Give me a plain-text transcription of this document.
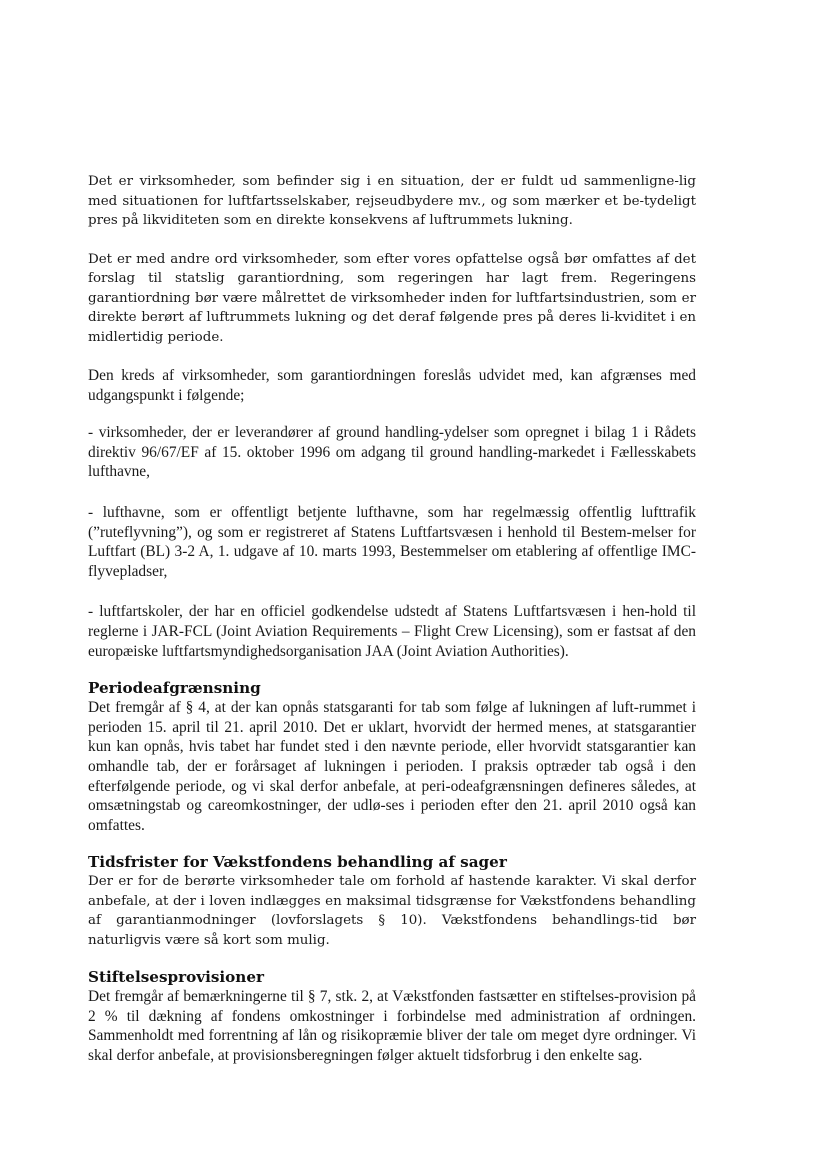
Det er virksomheder, som befinder sig i en situation, der er fuldt ud sammenligne-lig med situationen for luftfartsselskaber, rejseudbydere mv., og som mærker et be-tydeligt pres på likviditeten som en direkte konsekvens af luftrummets lukning.

Det er med andre ord virksomheder, som efter vores opfattelse også bør omfattes af det forslag til statslig garantiordning, som regeringen har lagt frem. Regeringens garantiordning bør være målrettet de virksomheder inden for luftfartsindustrien, som er direkte berørt af luftrummets lukning og det deraf følgende pres på deres li-kviditet i en midlertidig periode.

Den kreds af virksomheder, som garantiordningen foreslås udvidet med, kan afgrænses med udgangspunkt i følgende;

- virksomheder, der er leverandører af ground handling-ydelser som opregnet i bilag 1 i Rådets direktiv 96/67/EF af 15. oktober 1996 om adgang til ground handling-markedet i Fællesskabets lufthavne,

- lufthavne, som er offentligt betjente lufthavne, som har regelmæssig offentlig lufttrafik (”ruteflyvning”), og som er registreret af Statens Luftfartsvæsen i henhold til Bestem-melser for Luftfart (BL) 3-2 A, 1. udgave af 10. marts 1993, Bestemmelser om etablering af offentlige IMC-flyvepladser,

- luftfartskoler, der har en officiel godkendelse udstedt af Statens Luftfartsvæsen i hen-hold til reglerne i JAR-FCL (Joint Aviation Requirements – Flight Crew Licensing), som er fastsat af den europæiske luftfartsmyndighedsorganisation JAA (Joint Aviation Authorities).

Periodeafgrænsning

Det fremgår af § 4, at der kan opnås statsgaranti for tab som følge af lukningen af luft-rummet i perioden 15. april til 21. april 2010. Det er uklart, hvorvidt der hermed menes, at statsgarantier kun kan opnås, hvis tabet har fundet sted i den nævnte periode, eller hvorvidt statsgarantier kan omhandle tab, der er forårsaget af lukningen i perioden. I praksis optræder tab også i den efterfølgende periode, og vi skal derfor anbefale, at peri-odeafgrænsningen defineres således, at omsætningstab og careomkostninger, der udlø-ses i perioden efter den 21. april 2010 også kan omfattes.

Tidsfrister for Vækstfondens behandling af sager

Der er for de berørte virksomheder tale om forhold af hastende karakter. Vi skal derfor anbefale, at der i loven indlægges en maksimal tidsgrænse for Vækstfondens behandling af garantianmodninger (lovforslagets § 10). Vækstfondens behandlings-tid bør naturligvis være så kort som mulig.

Stiftelsesprovisioner

Det fremgår af bemærkningerne til § 7, stk. 2, at Vækstfonden fastsætter en stiftelses-provision på 2 % til dækning af fondens omkostninger i forbindelse med administration af ordningen. Sammenholdt med forrentning af lån og risikopræmie bliver der tale om meget dyre ordninger. Vi skal derfor anbefale, at provisionsberegningen følger aktuelt tidsforbrug i den enkelte sag.
